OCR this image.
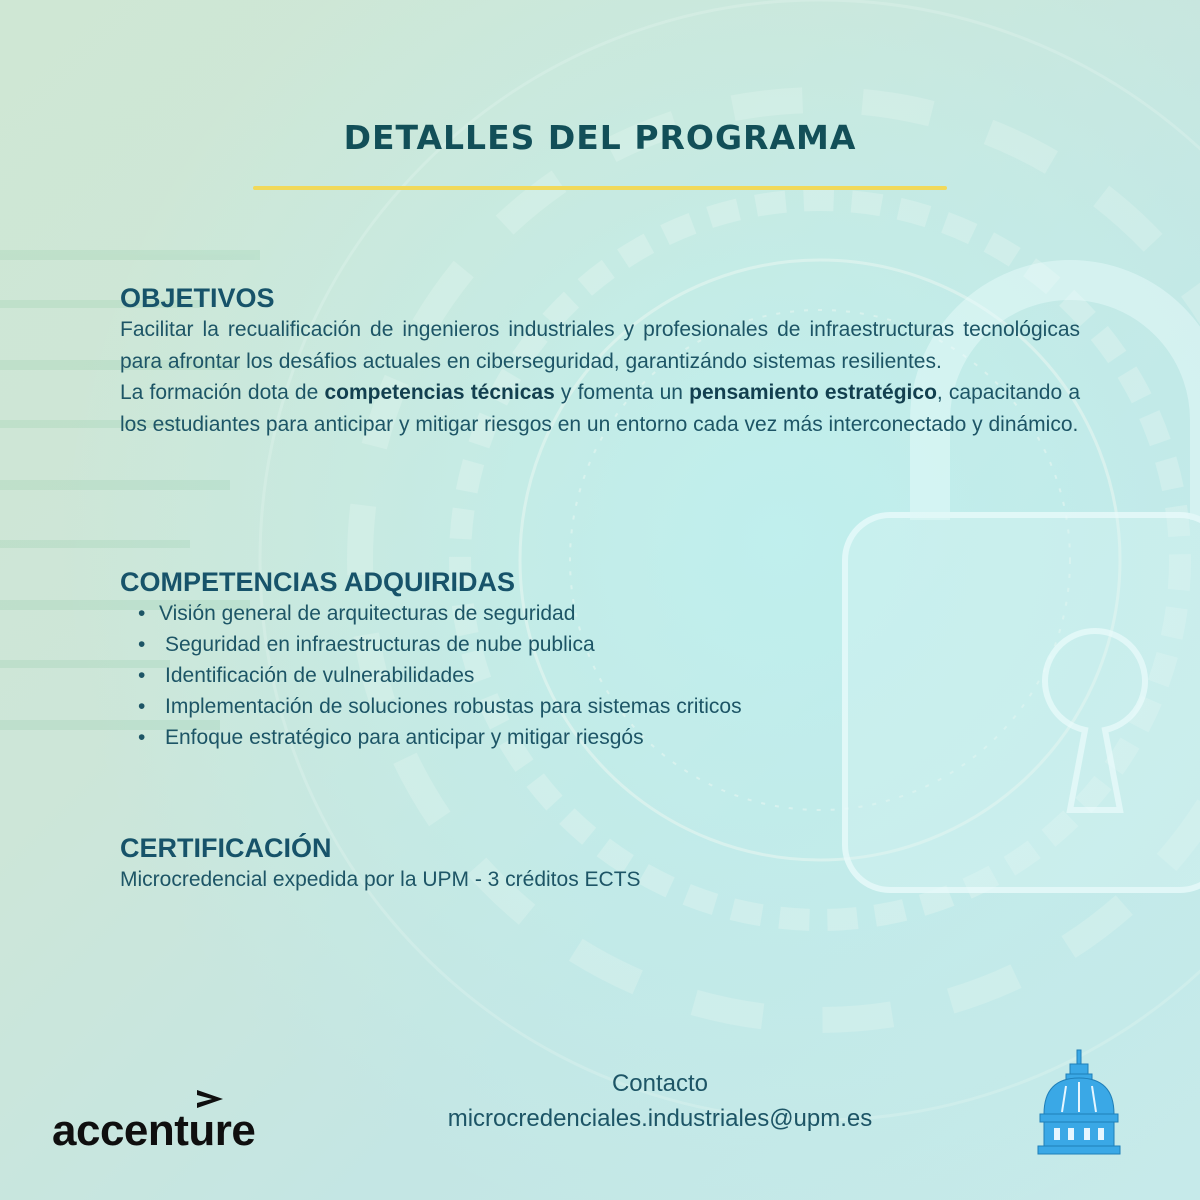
DETALLES DEL PROGRAMA
OBJETIVOS

Facilitar la recualificación de ingenieros industriales y profesionales de infraestructuras tecnológicas para afrontar los desáfios actuales en ciberseguridad, garantizándo sistemas resilientes.

La formación dota de competencias técnicas y fomenta un pensamiento estratégico, capacitando a los estudiantes para anticipar y mitigar riesgos en un entorno cada vez más interconectado y dinámico.

COMPETENCIAS ADQUIRIDAS
• Visión general de arquitecturas de seguridad
• Seguridad en infraestructuras de nube publica
• Identificación de vulnerabilidades
• Implementación de soluciones robustas para sistemas criticos
• Enfoque estratégico para anticipar y mitigar riesgós
CERTIFICACIÓN

Microcredencial expedida por la UPM - 3 créditos ECTS

Contacto
microcredenciales.industriales@upm.es
accenture
